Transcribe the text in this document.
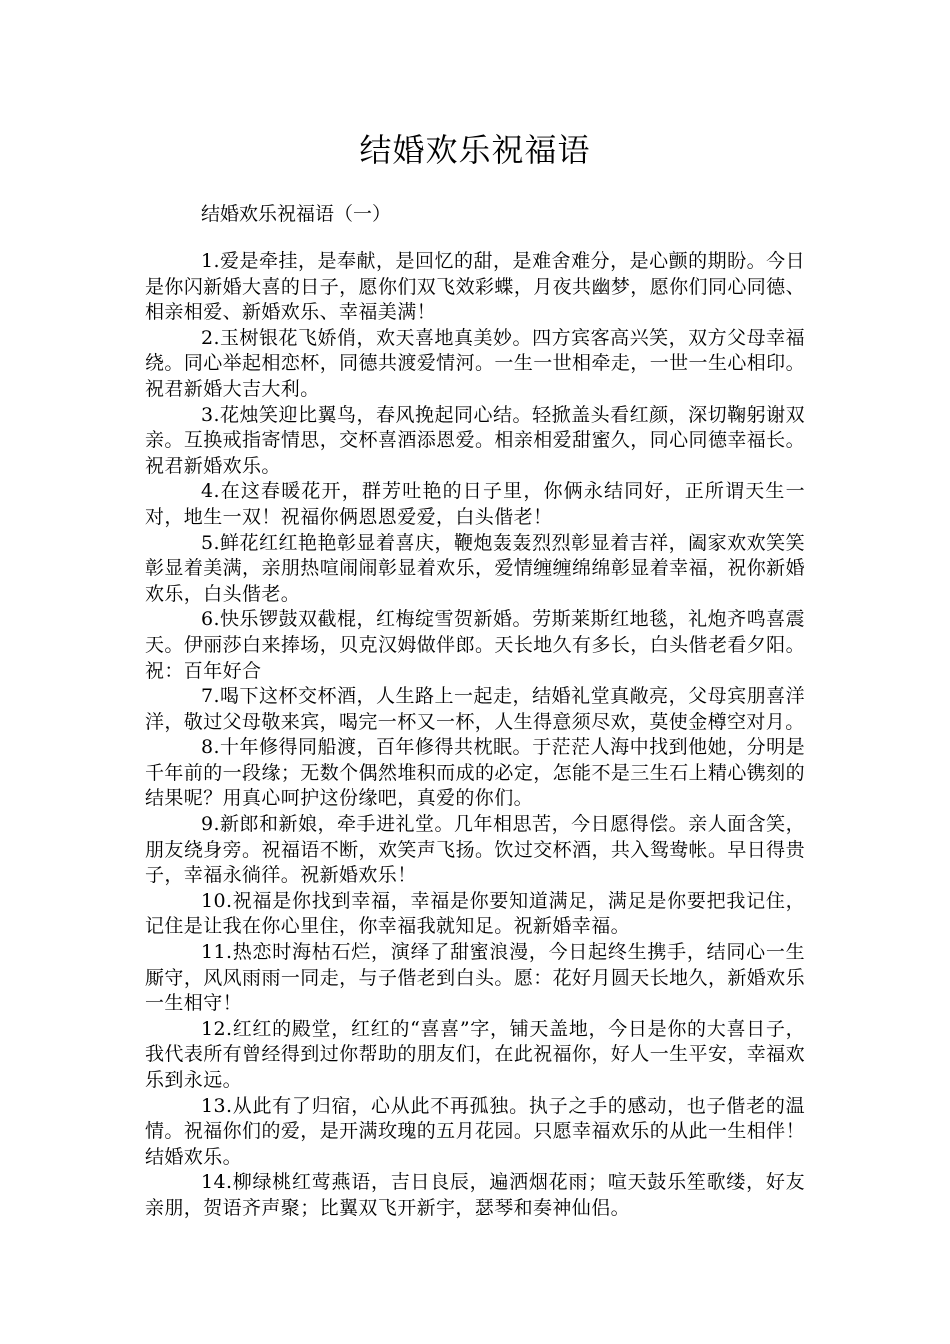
结婚欢乐祝福语
结婚欢乐祝福语（一）

1.爱是牵挂，是奉献，是回忆的甜，是难舍难分，是心颤的期盼。今日是你闪新婚大喜的日子，愿你们双飞效彩蝶，月夜共幽梦，愿你们同心同德、相亲相爱、新婚欢乐、幸福美满！

2.玉树银花飞娇俏，欢天喜地真美妙。四方宾客高兴笑，双方父母幸福绕。同心举起相恋杯，同德共渡爱情河。一生一世相牵走，一世一生心相印。祝君新婚大吉大利。

3.花烛笑迎比翼鸟，春风挽起同心结。轻掀盖头看红颜，深切鞠躬谢双亲。互换戒指寄情思，交杯喜酒添恩爱。相亲相爱甜蜜久，同心同德幸福长。祝君新婚欢乐。

4.在这春暖花开，群芳吐艳的日子里，你俩永结同好，正所谓天生一对，地生一双！祝福你俩恩恩爱爱，白头偕老！

5.鲜花红红艳艳彰显着喜庆，鞭炮轰轰烈烈彰显着吉祥，阖家欢欢笑笑彰显着美满，亲朋热喧闹闹彰显着欢乐，爱情缠缠绵绵彰显着幸福，祝你新婚欢乐，白头偕老。

6.快乐锣鼓双截棍，红梅绽雪贺新婚。劳斯莱斯红地毯，礼炮齐鸣喜震天。伊丽莎白来捧场，贝克汉姆做伴郎。天长地久有多长，白头偕老看夕阳。祝：百年好合

7.喝下这杯交杯酒，人生路上一起走，结婚礼堂真敞亮，父母宾朋喜洋洋，敬过父母敬来宾，喝完一杯又一杯，人生得意须尽欢，莫使金樽空对月。

8.十年修得同船渡，百年修得共枕眠。于茫茫人海中找到他她，分明是千年前的一段缘；无数个偶然堆积而成的必定，怎能不是三生石上精心镌刻的结果呢？用真心呵护这份缘吧，真爱的你们。

9.新郎和新娘，牵手进礼堂。几年相思苦，今日愿得偿。亲人面含笑，朋友绕身旁。祝福语不断，欢笑声飞扬。饮过交杯酒，共入鸳鸯帐。早日得贵子，幸福永徜徉。祝新婚欢乐！

10.祝福是你找到幸福，幸福是你要知道满足，满足是你要把我记住，记住是让我在你心里住，你幸福我就知足。祝新婚幸福。

11.热恋时海枯石烂，演绎了甜蜜浪漫，今日起终生携手，结同心一生厮守，风风雨雨一同走，与子偕老到白头。愿：花好月圆天长地久，新婚欢乐一生相守！

12.红红的殿堂，红红的“喜喜”字，铺天盖地，今日是你的大喜日子，我代表所有曾经得到过你帮助的朋友们，在此祝福你，好人一生平安，幸福欢乐到永远。

13.从此有了归宿，心从此不再孤独。执子之手的感动，也子偕老的温情。祝福你们的爱，是开满玫瑰的五月花园。只愿幸福欢乐的从此一生相伴！结婚欢乐。

14.柳绿桃红莺燕语，吉日良辰，遍洒烟花雨；喧天鼓乐笙歌缕，好友亲朋，贺语齐声聚；比翼双飞开新宇，瑟琴和奏神仙侣。
